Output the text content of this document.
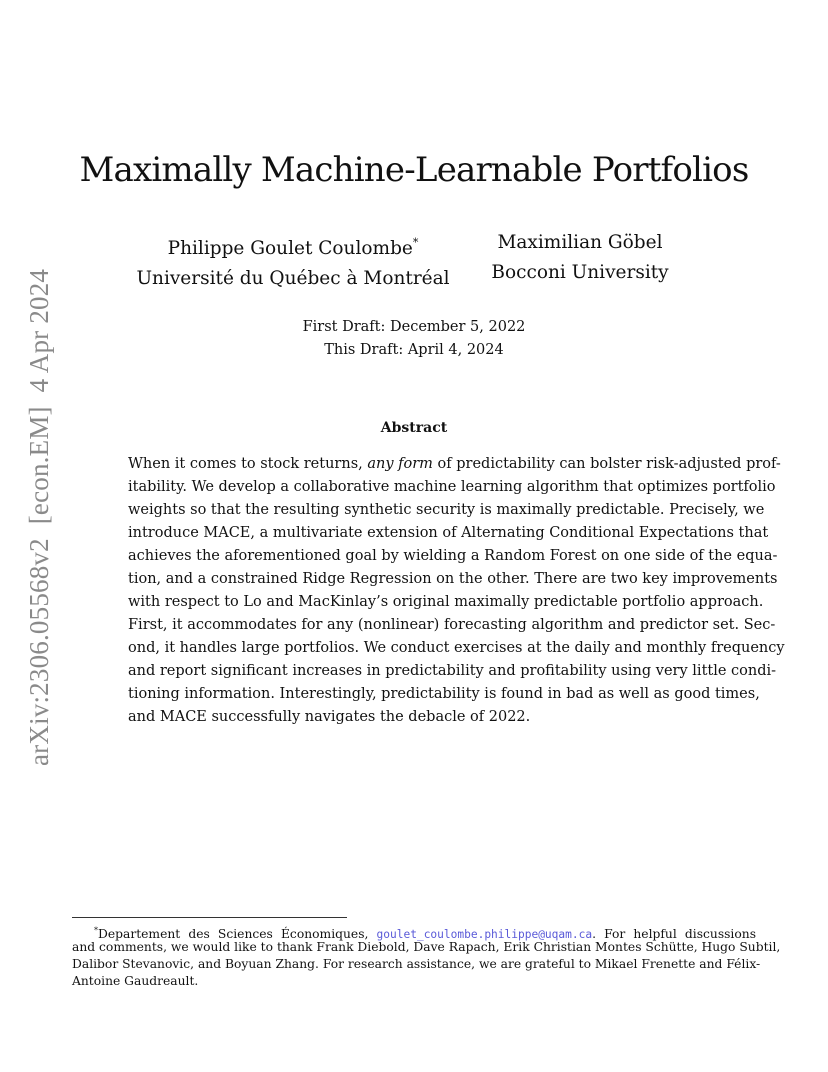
arXiv:2306.05568v2  [econ.EM]  4 Apr 2024
Maximally Machine-Learnable Portfolios
Philippe Goulet Coulombe*
Université du Québec à Montréal
Maximilian Göbel
Bocconi University
First Draft: December 5, 2022
This Draft: April 4, 2024
Abstract
When it comes to stock returns, any form of predictability can bolster risk-adjusted prof-
itability. We develop a collaborative machine learning algorithm that optimizes portfolio
weights so that the resulting synthetic security is maximally predictable. Precisely, we
introduce MACE, a multivariate extension of Alternating Conditional Expectations that
achieves the aforementioned goal by wielding a Random Forest on one side of the equa-
tion, and a constrained Ridge Regression on the other. There are two key improvements
with respect to Lo and MacKinlay’s original maximally predictable portfolio approach.
First, it accommodates for any (nonlinear) forecasting algorithm and predictor set. Sec-
ond, it handles large portfolios. We conduct exercises at the daily and monthly frequency
and report significant increases in predictability and profitability using very little condi-
tioning information. Interestingly, predictability is found in bad as well as good times,
and MACE successfully navigates the debacle of 2022.
*Departement des Sciences Économiques, goulet_coulombe.philippe@uqam.ca. For helpful discussions
and comments, we would like to thank Frank Diebold, Dave Rapach, Erik Christian Montes Schütte, Hugo Subtil,
Dalibor Stevanovic, and Boyuan Zhang. For research assistance, we are grateful to Mikael Frenette and Félix-
Antoine Gaudreault.
